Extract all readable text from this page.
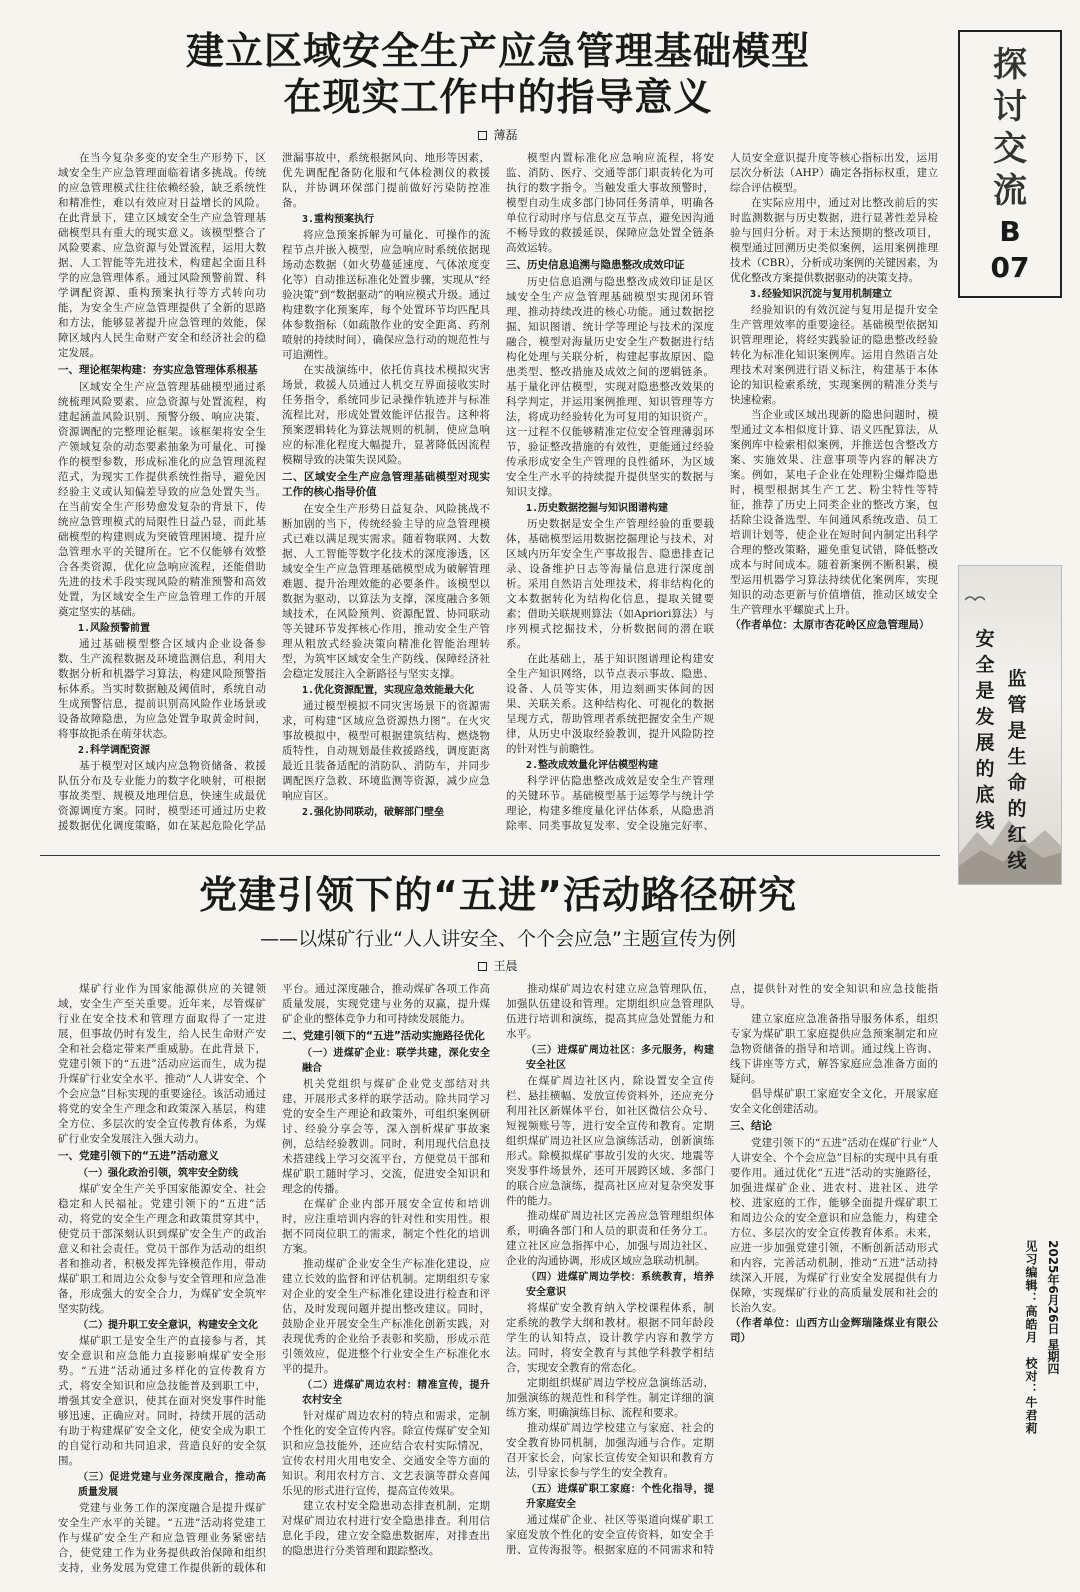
建立区域安全生产应急管理基础模型
在现实工作中的指导意义
薄磊

在当今复杂多变的安全生产形势下，区域安全生产应急管理面临着诸多挑战。传统的应急管理模式往往依赖经验，缺乏系统性和精准性，难以有效应对日益增长的风险。在此背景下，建立区域安全生产应急管理基础模型具有重大的现实意义。该模型整合了风险要素、应急资源与处置流程，运用大数据、人工智能等先进技术，构建起全面且科学的应急管理体系。通过风险预警前置、科学调配资源、重构预案执行等方式转向功能，为安全生产应急管理提供了全新的思路和方法，能够显著提升应急管理的效能，保障区域内人民生命财产安全和经济社会的稳定发展。

一、理论框架构建：夯实应急管理体系根基

区域安全生产应急管理基础模型通过系统梳理风险要素、应急资源与处置流程，构建起涵盖风险识别、预警分级、响应决策、资源调配的完整理论框架。该框架将安全生产领域复杂的动态要素抽象为可量化、可操作的模型参数，形成标准化的应急管理流程范式，为现实工作提供系统性指导，避免因经验主义或认知偏差导致的应急处置失当。在当前安全生产形势愈发复杂的背景下，传统应急管理模式的局限性日益凸显，而此基础模型的构建则成为突破管理困境、提升应急管理水平的关键所在。它不仅能够有效整合各类资源，优化应急响应流程，还能借助先进的技术手段实现风险的精准预警和高效处置，为区域安全生产应急管理工作的开展奠定坚实的基础。

1.风险预警前置

通过基础模型整合区域内企业设备参数、生产流程数据及环境监测信息，利用大数据分析和机器学习算法，构建风险预警指标体系。当实时数据触及阈值时，系统自动生成预警信息，提前识别高风险作业场景或设备故障隐患，为应急处置争取黄金时间，将事故扼杀在萌芽状态。

2.科学调配资源

基于模型对区域内应急物资储备、救援队伍分布及专业能力的数字化映射，可根据事故类型、规模及地理信息，快速生成最优资源调度方案。同时，模型还可通过历史救援数据优化调度策略，如在某起危险化学品泄漏事故中，系统根据风向、地形等因素，优先调配配备防化服和气体检测仪的救援队，并协调环保部门提前做好污染防控准备。

3.重构预案执行

将应急预案拆解为可量化、可操作的流程节点并嵌入模型，应急响应时系统依据现场动态数据（如火势蔓延速度、气体浓度变化等）自动推送标准化处置步骤，实现从“经验决策”到“数据驱动”的响应模式升级。通过构建数字化预案库，每个处置环节均匹配具体参数指标（如疏散作业的安全距离、药剂喷射的持续时间），确保应急行动的规范性与可追溯性。

在实战演练中，依托仿真技术模拟灾害场景，救援人员通过人机交互界面接收实时任务指令，系统同步记录操作轨迹并与标准流程比对，形成处置效能评估报告。这种将预案逻辑转化为算法规则的机制，使应急响应的标准化程度大幅提升，显著降低因流程模糊导致的决策失误风险。

二、区域安全生产应急管理基础模型对现实工作的核心指导价值

在安全生产形势日益复杂、风险挑战不断加剧的当下，传统经验主导的应急管理模式已难以满足现实需求。随着物联网、大数据、人工智能等数字化技术的深度渗透，区域安全生产应急管理基础模型成为破解管理难题、提升治理效能的必要条件。该模型以数据为驱动，以算法为支撑，深度融合多领域技术，在风险预判、资源配置、协同联动等关键环节发挥核心作用，推动安全生产管理从粗放式经验决策向精准化智能治理转型，为筑牢区域安全生产防线、保障经济社会稳定发展注入全新路径与坚实支撑。

1.优化资源配置，实现应急效能最大化

通过模型模拟不同灾害场景下的资源需求，可构建“区域应急资源热力图”。在火灾事故模拟中，模型可根据建筑结构、燃烧物质特性，自动规划最佳救援路线，调度距离最近且装备适配的消防队、消防车，并同步调配医疗急救、环境监测等资源，减少应急响应盲区。

2.强化协同联动，破解部门壁垒

模型内置标准化应急响应流程，将安监、消防、医疗、交通等部门职责转化为可执行的数字指令。当触发重大事故预警时，模型自动生成多部门协同任务清单，明确各单位行动时序与信息交互节点，避免因沟通不畅导致的救援延误，保障应急处置全链条高效运转。

三、历史信息追溯与隐患整改成效印证

历史信息追溯与隐患整改成效印证是区域安全生产应急管理基础模型实现闭环管理、推动持续改进的核心功能。通过数据挖掘、知识图谱、统计学等理论与技术的深度融合，模型对海量历史安全生产数据进行结构化处理与关联分析，构建起事故原因、隐患类型、整改措施及成效之间的逻辑链条。基于量化评估模型，实现对隐患整改效果的科学判定，并运用案例推理、知识管理等方法，将成功经验转化为可复用的知识资产。这一过程不仅能够精准定位安全管理薄弱环节，验证整改措施的有效性，更能通过经验传承形成安全生产管理的良性循环，为区域安全生产水平的持续提升提供坚实的数据与知识支撑。

1.历史数据挖掘与知识图谱构建

历史数据是安全生产管理经验的重要载体，基础模型运用数据挖掘理论与技术，对区域内历年安全生产事故报告、隐患排查记录、设备维护日志等海量信息进行深度剖析。采用自然语言处理技术，将非结构化的文本数据转化为结构化信息，提取关键要素；借助关联规则算法（如Apriori算法）与序列模式挖掘技术，分析数据间的潜在联系。

在此基础上，基于知识图谱理论构建安全生产知识网络，以节点表示事故、隐患、设备、人员等实体，用边刻画实体间的因果、关联关系。这种结构化、可视化的数据呈现方式，帮助管理者系统把握安全生产规律，从历史中汲取经验教训，提升风险防控的针对性与前瞻性。

2.整改成效量化评估模型构建

科学评估隐患整改成效是安全生产管理的关键环节。基础模型基于运筹学与统计学理论，构建多维度量化评估体系，从隐患消除率、同类事故复发率、安全设施完好率、人员安全意识提升度等核心指标出发，运用层次分析法（AHP）确定各指标权重，建立综合评估模型。

在实际应用中，通过对比整改前后的实时监测数据与历史数据，进行显著性差异检验与回归分析。对于未达预期的整改项目，模型通过回溯历史类似案例，运用案例推理技术（CBR），分析成功案例的关键因素，为优化整改方案提供数据驱动的决策支持。

3.经验知识沉淀与复用机制建立

经验知识的有效沉淀与复用是提升安全生产管理效率的重要途径。基础模型依据知识管理理论，将经实践验证的隐患整改经验转化为标准化知识案例库。运用自然语言处理技术对案例进行语义标注，构建基于本体论的知识检索系统，实现案例的精准分类与快速检索。

当企业或区域出现新的隐患问题时，模型通过文本相似度计算、语义匹配算法，从案例库中检索相似案例，并推送包含整改方案、实施效果、注意事项等内容的解决方案。例如，某电子企业在处理粉尘爆炸隐患时，模型根据其生产工艺、粉尘特性等特征，推荐了历史上同类企业的整改方案，包括除尘设备选型、车间通风系统改造、员工培训计划等，使企业在短时间内制定出科学合理的整改策略，避免重复试错，降低整改成本与时间成本。随着新案例不断积累，模型运用机器学习算法持续优化案例库，实现知识的动态更新与价值增值，推动区域安全生产管理水平螺旋式上升。

（作者单位：太原市杏花岭区应急管理局）

党建引领下的“五进”活动路径研究
——以煤矿行业“人人讲安全、个个会应急”主题宣传为例
王晨

煤矿行业作为国家能源供应的关键领域，安全生产至关重要。近年来，尽管煤矿行业在安全技术和管理方面取得了一定进展，但事故仍时有发生，给人民生命财产安全和社会稳定带来严重威胁。在此背景下，党建引领下的“五进”活动应运而生，成为提升煤矿行业安全水平、推动“人人讲安全、个个会应急”目标实现的重要途径。该活动通过将党的安全生产理念和政策深入基层，构建全方位、多层次的安全宣传教育体系，为煤矿行业安全发展注入强大动力。

一、党建引领下的“五进”活动意义
（一）强化政治引领，筑牢安全防线

煤矿安全生产关乎国家能源安全、社会稳定和人民福祉。党建引领下的“五进”活动，将党的安全生产理念和政策贯穿其中，使党员干部深刻认识到煤矿安全生产的政治意义和社会责任。党员干部作为活动的组织者和推动者，积极发挥先锋模范作用，带动煤矿职工和周边公众参与安全管理和应急准备，形成强大的安全合力，为煤矿安全筑牢坚实防线。

（二）提升职工安全意识，构建安全文化

煤矿职工是安全生产的直接参与者，其安全意识和应急能力直接影响煤矿安全形势。“五进”活动通过多样化的宣传教育方式，将安全知识和应急技能普及到职工中，增强其安全意识，使其在面对突发事件时能够迅速、正确应对。同时，持续开展的活动有助于构建煤矿安全文化，使安全成为职工的自觉行动和共同追求，营造良好的安全氛围。

（三）促进党建与业务深度融合，推动高质量发展

党建与业务工作的深度融合是提升煤矿安全生产水平的关键。“五进”活动将党建工作与煤矿安全生产和应急管理业务紧密结合，使党建工作为业务提供政治保障和组织支持，业务发展为党建工作提供新的载体和平台。通过深度融合，推动煤矿各项工作高质量发展，实现党建与业务的双赢，提升煤矿企业的整体竞争力和可持续发展能力。

二、党建引领下的“五进”活动实施路径优化
（一）进煤矿企业：联学共建，深化安全融合

机关党组织与煤矿企业党支部结对共建，开展形式多样的联学活动。除共同学习党的安全生产理论和政策外，可组织案例研讨、经验分享会等，深入剖析煤矿事故案例，总结经验教训。同时，利用现代信息技术搭建线上学习交流平台，方便党员干部和煤矿职工随时学习、交流，促进安全知识和理念的传播。

在煤矿企业内部开展安全宣传和培训时，应注重培训内容的针对性和实用性。根据不同岗位职工的需求，制定个性化的培训方案。

推动煤矿企业安全生产标准化建设，应建立长效的监督和评估机制。定期组织专家对企业的安全生产标准化建设进行检查和评估，及时发现问题并提出整改建议。同时，鼓励企业开展安全生产标准化创新实践，对表现优秀的企业给予表彰和奖励，形成示范引领效应，促进整个行业安全生产标准化水平的提升。

（二）进煤矿周边农村：精准宣传，提升农村安全

针对煤矿周边农村的特点和需求，定制个性化的安全宣传内容。除宣传煤矿安全知识和应急技能外，还应结合农村实际情况，宣传农村用火用电安全、交通安全等方面的知识。利用农村方言、文艺表演等群众喜闻乐见的形式进行宣传，提高宣传效果。

建立农村安全隐患动态排查机制，定期对煤矿周边农村进行安全隐患排查。利用信息化手段，建立安全隐患数据库，对排查出的隐患进行分类管理和跟踪整改。

推动煤矿周边农村建立应急管理队伍，加强队伍建设和管理。定期组织应急管理队伍进行培训和演练，提高其应急处置能力和水平。

（三）进煤矿周边社区：多元服务，构建安全社区

在煤矿周边社区内，除设置安全宣传栏、悬挂横幅、发放宣传资料外，还应充分利用社区新媒体平台，如社区微信公众号、短视频账号等，进行安全宣传和教育。定期组织煤矿周边社区应急演练活动，创新演练形式。除模拟煤矿事故引发的火灾、地震等突发事件场景外，还可开展跨区域、多部门的联合应急演练，提高社区应对复杂突发事件的能力。

推动煤矿周边社区完善应急管理组织体系，明确各部门和人员的职责和任务分工。建立社区应急指挥中心，加强与周边社区、企业的沟通协调，形成区域应急联动机制。

（四）进煤矿周边学校：系统教育，培养安全意识

将煤矿安全教育纳入学校课程体系，制定系统的教学大纲和教材。根据不同年龄段学生的认知特点，设计教学内容和教学方法。同时，将安全教育与其他学科教学相结合，实现安全教育的常态化。

定期组织煤矿周边学校应急演练活动，加强演练的规范性和科学性。制定详细的演练方案，明确演练目标、流程和要求。

推动煤矿周边学校建立与家庭、社会的安全教育协同机制，加强沟通与合作。定期召开家长会，向家长宣传安全知识和教育方法，引导家长参与学生的安全教育。

（五）进煤矿职工家庭：个性化指导，提升家庭安全

通过煤矿企业、社区等渠道向煤矿职工家庭发放个性化的安全宣传资料，如安全手册、宣传海报等。根据家庭的不同需求和特点，提供针对性的安全知识和应急技能指导。

建立家庭应急准备指导服务体系，组织专家为煤矿职工家庭提供应急预案制定和应急物资储备的指导和培训。通过线上咨询、线下讲座等方式，解答家庭应急准备方面的疑问。

倡导煤矿职工家庭安全文化，开展家庭安全文化创建活动。

三、结论

党建引领下的“五进”活动在煤矿行业“人人讲安全、个个会应急”目标的实现中具有重要作用。通过优化“五进”活动的实施路径，加强进煤矿企业、进农村、进社区、进学校、进家庭的工作，能够全面提升煤矿职工和周边公众的安全意识和应急能力，构建全方位、多层次的安全宣传教育体系。未来，应进一步加强党建引领，不断创新活动形式和内容，完善活动机制，推动“五进”活动持续深入开展，为煤矿行业安全发展提供有力保障，实现煤矿行业的高质量发展和社会的长治久安。

（作者单位：山西方山金辉瑞隆煤业有限公司）

探讨交流
B
07
安全是发展的底线
监管是生命的红线
见习编辑：高皓月　校对：牛君莉 2025年6月26日 星期四
